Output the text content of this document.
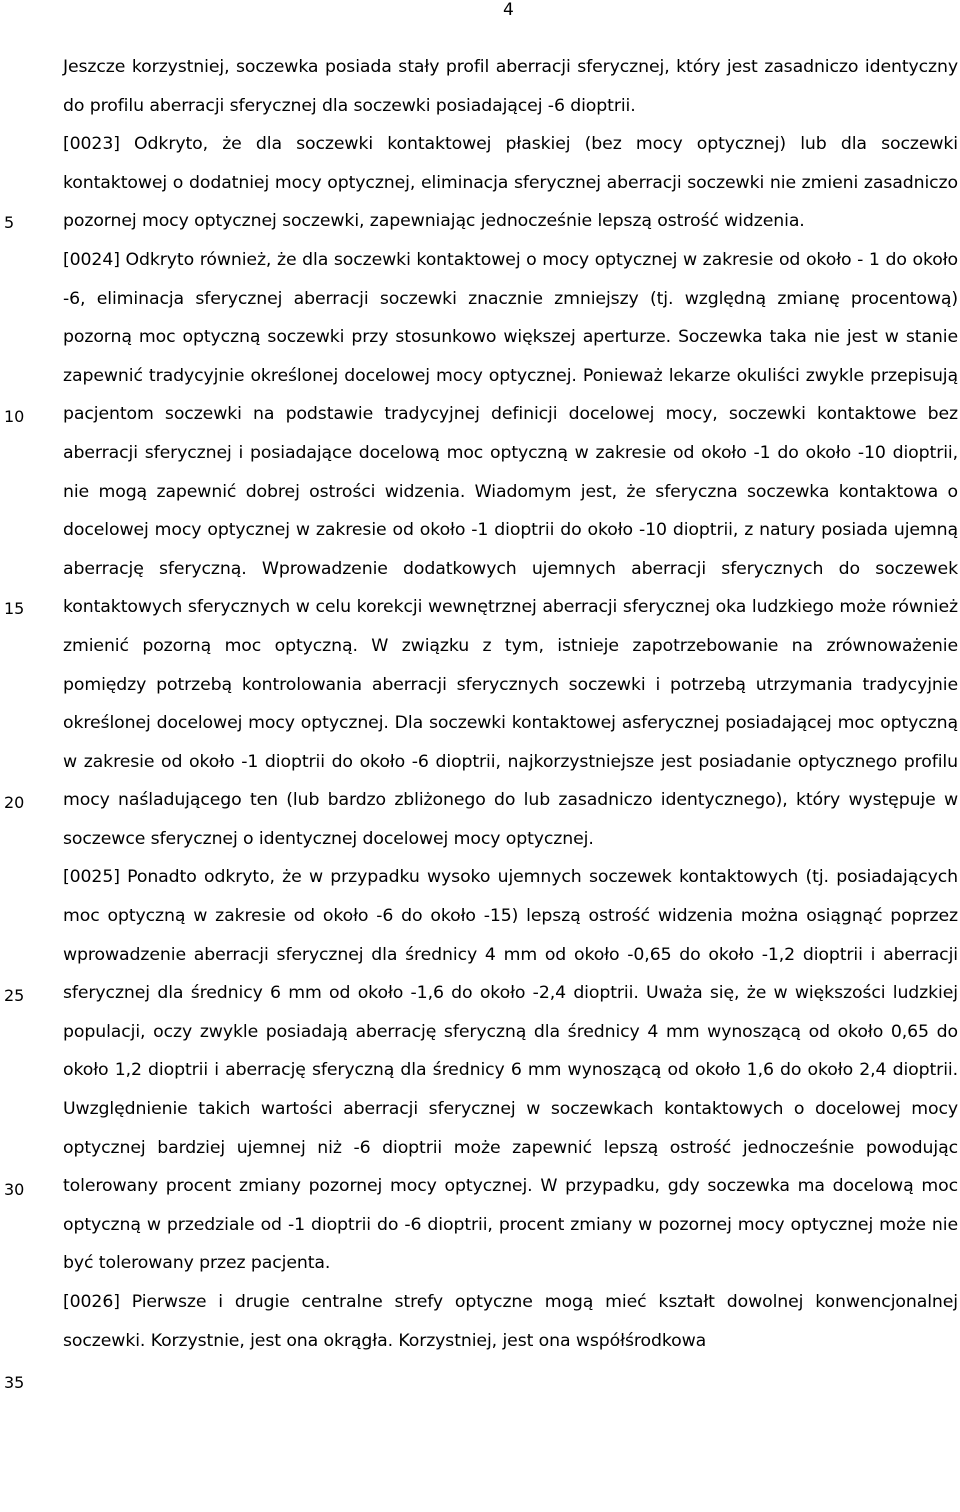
4
5
10
15
20
25
30
35

Jeszcze korzystniej, soczewka posiada stały profil aberracji sferycznej, który jest zasadniczo identyczny do profilu aberracji sferycznej dla soczewki posiadającej -6 dioptrii.

[0023] Odkryto, że dla soczewki kontaktowej płaskiej (bez mocy optycznej) lub dla soczewki kontaktowej o dodatniej mocy optycznej, eliminacja sferycznej aberracji soczewki nie zmieni zasadniczo pozornej mocy optycznej soczewki, zapewniając jednocześnie lepszą ostrość widzenia.

[0024] Odkryto również, że dla soczewki kontaktowej o mocy optycznej w zakresie od około - 1 do około -6, eliminacja sferycznej aberracji soczewki znacznie zmniejszy (tj. względną zmianę procentową) pozorną moc optyczną soczewki przy stosunkowo większej aperturze. Soczewka taka nie jest w stanie zapewnić tradycyjnie określonej docelowej mocy optycznej. Ponieważ lekarze okuliści zwykle przepisują pacjentom soczewki na podstawie tradycyjnej definicji docelowej mocy, soczewki kontaktowe bez aberracji sferycznej i posiadające docelową moc optyczną w zakresie od około -1 do około -10 dioptrii, nie mogą zapewnić dobrej ostrości widzenia. Wiadomym jest, że sferyczna soczewka kontaktowa o docelowej mocy optycznej w zakresie od około -1 dioptrii do około -10 dioptrii, z natury posiada ujemną aberrację sferyczną. Wprowadzenie dodatkowych ujemnych aberracji sferycznych do soczewek kontaktowych sferycznych w celu korekcji wewnętrznej aberracji sferycznej oka ludzkiego może również zmienić pozorną moc optyczną. W związku z tym, istnieje zapotrzebowanie na zrównoważenie pomiędzy potrzebą kontrolowania aberracji sferycznych soczewki i potrzebą utrzymania tradycyjnie określonej docelowej mocy optycznej. Dla soczewki kontaktowej asferycznej posiadającej moc optyczną w zakresie od około -1 dioptrii do około -6 dioptrii, najkorzystniejsze jest posiadanie optycznego profilu mocy naśladującego ten (lub bardzo zbliżonego do lub zasadniczo identycznego), który występuje w soczewce sferycznej o identycznej docelowej mocy optycznej.

[0025] Ponadto odkryto, że w przypadku wysoko ujemnych soczewek kontaktowych (tj. posiadających moc optyczną w zakresie od około -6 do około -15) lepszą ostrość widzenia można osiągnąć poprzez wprowadzenie aberracji sferycznej dla średnicy 4 mm od około -0,65 do około -1,2 dioptrii i aberracji sferycznej dla średnicy 6 mm od około -1,6 do około -2,4 dioptrii. Uważa się, że w większości ludzkiej populacji, oczy zwykle posiadają aberrację sferyczną dla średnicy 4 mm wynoszącą od około 0,65 do około 1,2 dioptrii i aberrację sferyczną dla średnicy 6 mm wynoszącą od około 1,6 do około 2,4 dioptrii. Uwzględnienie takich wartości aberracji sferycznej w soczewkach kontaktowych o docelowej mocy optycznej bardziej ujemnej niż -6 dioptrii może zapewnić lepszą ostrość jednocześnie powodując tolerowany procent zmiany pozornej mocy optycznej. W przypadku, gdy soczewka ma docelową moc optyczną w przedziale od -1 dioptrii do -6 dioptrii, procent zmiany w pozornej mocy optycznej może nie być tolerowany przez pacjenta.

[0026] Pierwsze i drugie centralne strefy optyczne mogą mieć kształt dowolnej konwencjonalnej soczewki. Korzystnie, jest ona okrągła. Korzystniej, jest ona współśrodkowa
